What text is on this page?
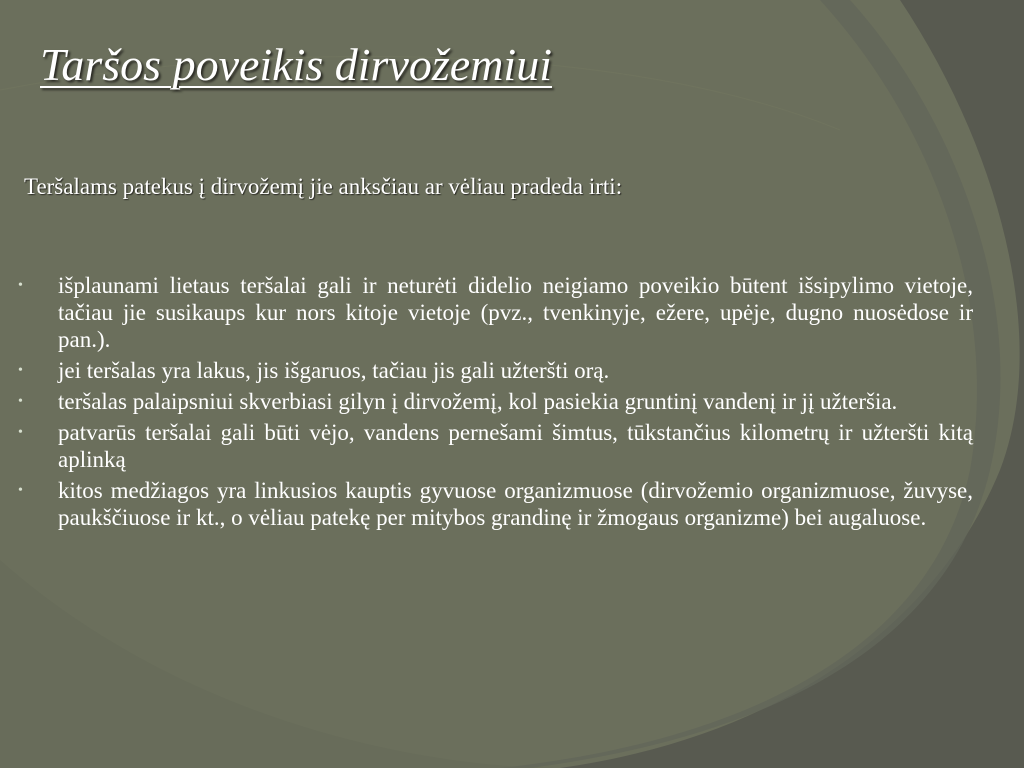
Taršos poveikis dirvožemiui
Teršalams patekus į dirvožemį jie anksčiau ar vėliau pradeda irti:
• išplaunami lietaus teršalai gali ir neturėti didelio neigiamo poveikio būtent išsipylimo vietoje, tačiau jie susikaups kur nors kitoje vietoje (pvz., tvenkinyje, ežere, upėje, dugno nuosėdose ir pan.).
• jei teršalas yra lakus, jis išgaruos, tačiau jis gali užteršti orą.
• teršalas palaipsniui skverbiasi gilyn į dirvožemį, kol pasiekia gruntinį vandenį ir jį užteršia.
• patvarūs teršalai gali būti vėjo, vandens pernešami šimtus, tūkstančius kilometrų ir užteršti kitą aplinką
• kitos medžiagos yra linkusios kauptis gyvuose organizmuose (dirvožemio organizmuose, žuvyse, paukščiuose ir kt., o vėliau patekę per mitybos grandinę ir žmogaus organizme) bei augaluose.
